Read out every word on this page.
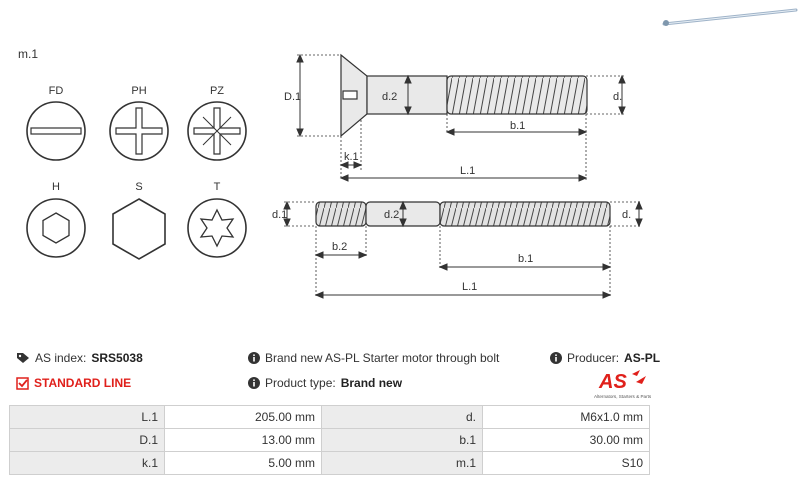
m.1
FD	PH	PZ
H	S	T
D.1	d.2	d.
b.1
k.1
L.1
d.1	d.2	d.
b.2
b.1
L.1
AS index: SRS5038
STANDARD LINE
Brand new AS-PL Starter motor through bolt
Product type: Brand new
Producer: AS-PL
AS
Alternators, Starters & Parts
L.1	205.00 mm	d.	M6x1.0 mm
D.1	13.00 mm	b.1	30.00 mm
k.1	5.00 mm	m.1	S10
